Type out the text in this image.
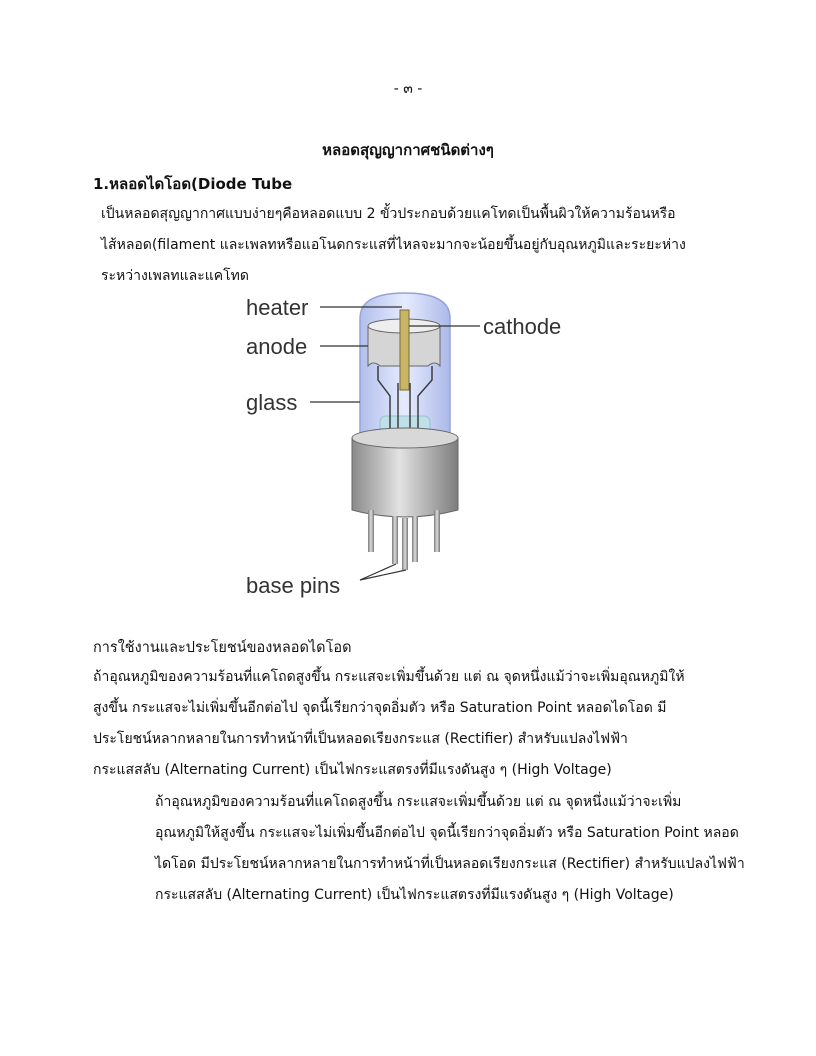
- ๓ -
หลอดสุญญากาศชนิดต่างๆ
1.หลอดไดโอด(Diode Tube
เป็นหลอดสุญญากาศแบบง่ายๆคือหลอดแบบ 2 ขั้วประกอบด้วยแคโทดเป็นพื้นผิวให้ความร้อนหรือ
ไส้หลอด(filament และเพลทหรือแอโนดกระแสที่ไหลจะมากจะน้อยขึ้นอยู่กับอุณหภูมิและระยะห่าง
ระหว่างเพลทและแคโทด
heater
anode
glass
cathode
base pins
การใช้งานและประโยชน์ของหลอดไดโอด
ถ้าอุณหภูมิของความร้อนที่แคโถดสูงขึ้น กระแสจะเพิ่มขึ้นด้วย แต่ ณ จุดหนึ่งแม้ว่าจะเพิ่มอุณหภูมิให้
สูงขึ้น กระแสจะไม่เพิ่มขึ้นอีกต่อไป จุดนี้เรียกว่าจุดอิ่มตัว หรือ Saturation Point หลอดไดโอด มี
ประโยชน์หลากหลายในการทำหน้าที่เป็นหลอดเรียงกระแส (Rectifier) สำหรับแปลงไฟฟ้า
กระแสสลับ (Alternating Current) เป็นไฟกระแสตรงที่มีแรงดันสูง ๆ (High Voltage)
ถ้าอุณหภูมิของความร้อนที่แคโถดสูงขึ้น กระแสจะเพิ่มขึ้นด้วย แต่ ณ จุดหนึ่งแม้ว่าจะเพิ่ม
อุณหภูมิให้สูงขึ้น กระแสจะไม่เพิ่มขึ้นอีกต่อไป จุดนี้เรียกว่าจุดอิ่มตัว หรือ Saturation Point หลอด
ไดโอด มีประโยชน์หลากหลายในการทำหน้าที่เป็นหลอดเรียงกระแส (Rectifier) สำหรับแปลงไฟฟ้า
กระแสสลับ (Alternating Current) เป็นไฟกระแสตรงที่มีแรงดันสูง ๆ (High Voltage)
